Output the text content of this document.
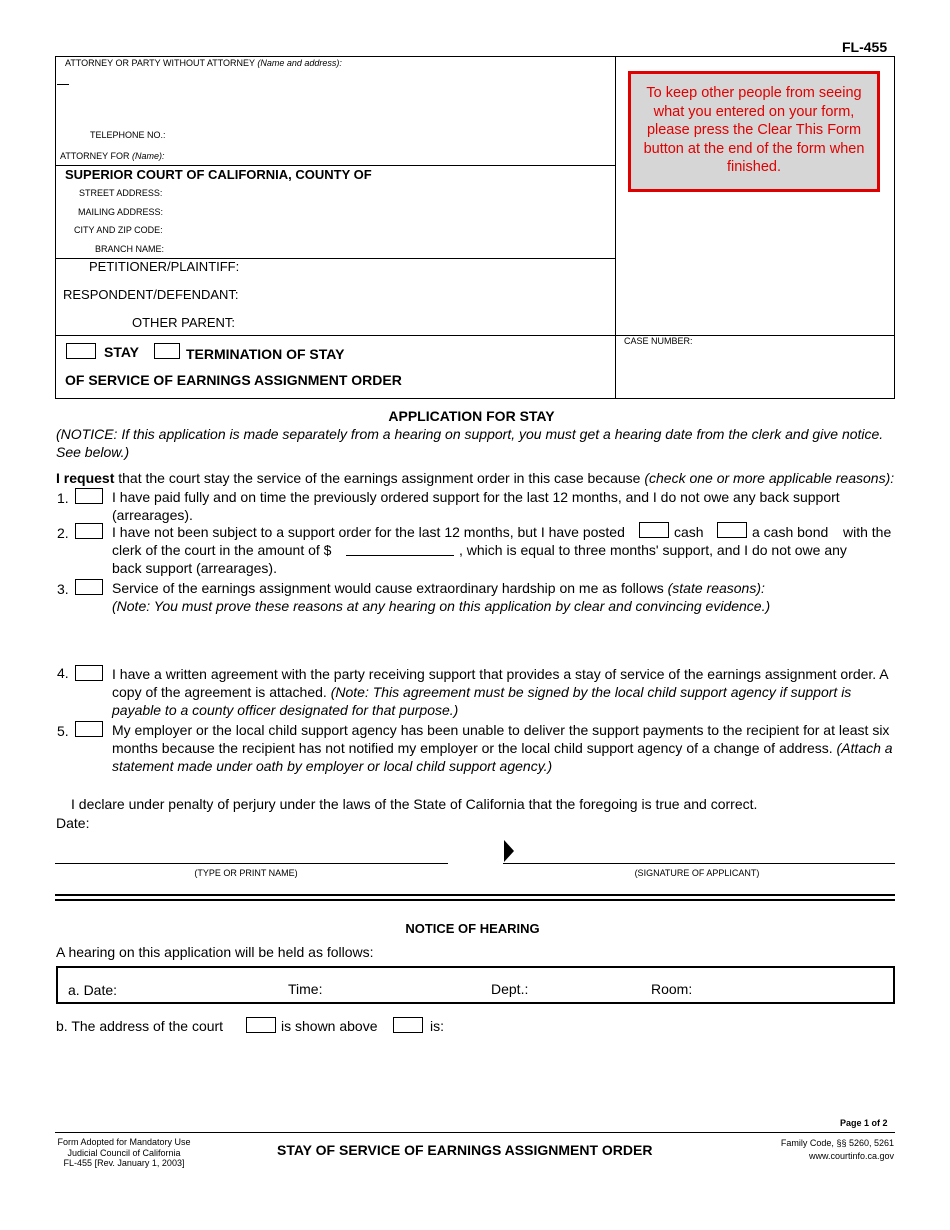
FL-455
ATTORNEY OR PARTY WITHOUT ATTORNEY (Name and address):
TELEPHONE NO.:
ATTORNEY FOR (Name):
SUPERIOR COURT OF CALIFORNIA, COUNTY OF
STREET ADDRESS:
MAILING ADDRESS:
CITY AND ZIP CODE:
BRANCH NAME:
PETITIONER/PLAINTIFF:
RESPONDENT/DEFENDANT:
OTHER PARENT:
STAY	TERMINATION OF STAY
OF SERVICE OF EARNINGS ASSIGNMENT ORDER
CASE NUMBER:
To keep other people from seeing what you entered on your form, please press the Clear This Form button at the end of the form when finished.
APPLICATION FOR STAY
(NOTICE: If this application is made separately from a hearing on support, you must get a hearing date from the clerk and give notice. See below.)
I request that the court stay the service of the earnings assignment order in this case because (check one or more applicable reasons):
1.	I have paid fully and on time the previously ordered support for the last 12 months, and I do not owe any back support (arrearages).
2.	I have not been subject to a support order for the last 12 months, but I have posted	cash	a cash bond with the
clerk of the court in the amount of $	, which is equal to three months' support, and I do not owe any
back support (arrearages).
3.	Service of the earnings assignment would cause extraordinary hardship on me as follows (state reasons):
(Note: You must prove these reasons at any hearing on this application by clear and convincing evidence.)
4.	I have a written agreement with the party receiving support that provides a stay of service of the earnings assignment order. A copy of the agreement is attached. (Note: This agreement must be signed by the local child support agency if support is payable to a county officer designated for that purpose.)
5.	My employer or the local child support agency has been unable to deliver the support payments to the recipient for at least six months because the recipient has not notified my employer or the local child support agency of a change of address. (Attach a statement made under oath by employer or local child support agency.)
I declare under penalty of perjury under the laws of the State of California that the foregoing is true and correct.
Date:
(TYPE OR PRINT NAME)	(SIGNATURE OF APPLICANT)
NOTICE OF HEARING
A hearing on this application will be held as follows:
a. Date:	Time:	Dept.:	Room:
b. The address of the court	is shown above	is:
Page 1 of 2
Form Adopted for Mandatory Use
Judicial Council of California
FL-455 [Rev. January 1, 2003]
STAY OF SERVICE OF EARNINGS ASSIGNMENT ORDER	Family Code, §§ 5260, 5261
www.courtinfo.ca.gov
